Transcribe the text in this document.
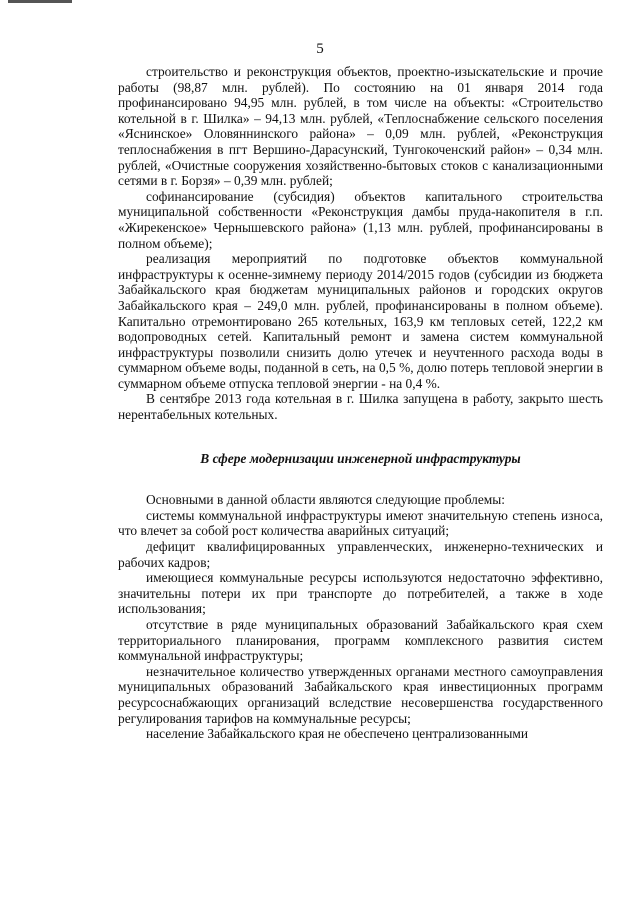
5

строительство и реконструкция объектов, проектно-изыскательские и прочие работы (98,87 млн. рублей). По состоянию на 01 января 2014 года профинансировано 94,95 млн. рублей, в том числе на объекты: «Строительство котельной в г. Шилка» – 94,13 млн. рублей, «Теплоснабжение сельского поселения «Яснинское» Оловяннинского района» – 0,09 млн. рублей, «Реконструкция теплоснабжения в пгт Вершино-Дарасунский, Тунгокоченский район» – 0,34 млн. рублей, «Очистные сооружения хозяйственно-бытовых стоков с канализационными сетями в г. Борзя» – 0,39 млн. рублей;

софинансирование (субсидия) объектов капитального строительства муниципальной собственности «Реконструкция дамбы пруда-накопителя в г.п. «Жирекенское» Чернышевского района» (1,13 млн. рублей, профинансированы в полном объеме);

реализация мероприятий по подготовке объектов коммунальной инфраструктуры к осенне-зимнему периоду 2014/2015 годов (субсидии из бюджета Забайкальского края бюджетам муниципальных районов и городских округов Забайкальского края – 249,0 млн. рублей, профинансированы в полном объеме). Капитально отремонтировано 265 котельных, 163,9 км тепловых сетей, 122,2 км водопроводных сетей. Капитальный ремонт и замена систем коммунальной инфраструктуры позволили снизить долю утечек и неучтенного расхода воды в суммарном объеме воды, поданной в сеть, на 0,5 %, долю потерь тепловой энергии в суммарном объеме отпуска тепловой энергии - на 0,4 %.

В сентябре 2013 года котельная в г. Шилка запущена в работу, закрыто шесть нерентабельных котельных.

В сфере модернизации инженерной инфраструктуры

Основными в данной области являются следующие проблемы:

системы коммунальной инфраструктуры имеют значительную степень износа, что влечет за собой рост количества аварийных ситуаций;

дефицит квалифицированных управленческих, инженерно-технических и рабочих кадров;

имеющиеся коммунальные ресурсы используются недостаточно эффективно, значительны потери их при транспорте до потребителей, а также в ходе использования;

отсутствие в ряде муниципальных образований Забайкальского края схем территориального планирования, программ комплексного развития систем коммунальной инфраструктуры;

незначительное количество утвержденных органами местного самоуправления муниципальных образований Забайкальского края инвестиционных программ ресурсоснабжающих организаций вследствие несовершенства государственного регулирования тарифов на коммунальные ресурсы;

население Забайкальского края не обеспечено централизованными
